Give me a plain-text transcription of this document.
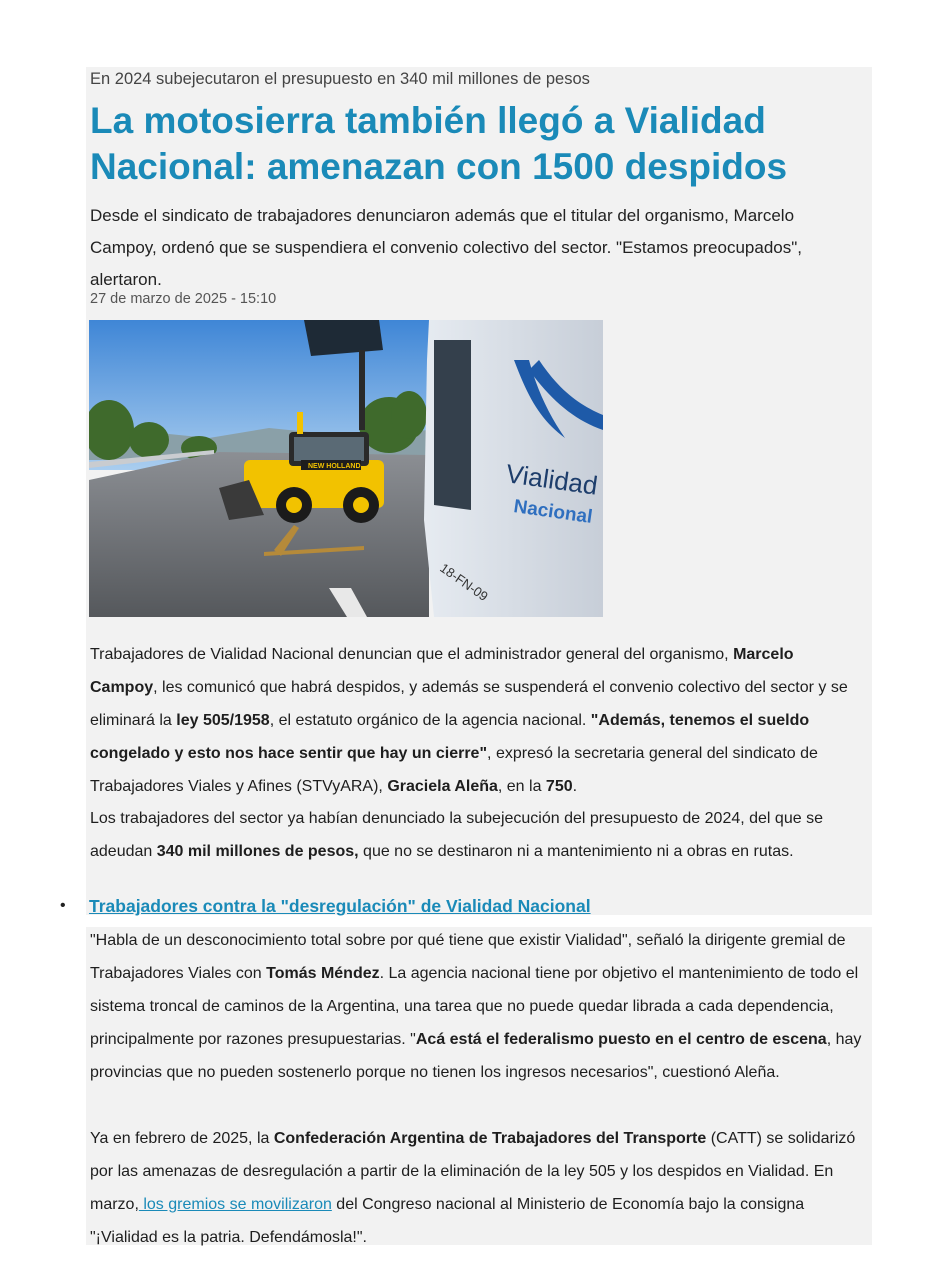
En 2024 subejecutaron el presupuesto en 340 mil millones de pesos
La motosierra también llegó a Vialidad Nacional: amenazan con 1500 despidos
Desde el sindicato de trabajadores denunciaron además que el titular del organismo, Marcelo Campoy, ordenó que se suspendiera el convenio colectivo del sector. "Estamos preocupados", alertaron.
27 de marzo de 2025 - 15:10
NEW HOLLAND	Vialidad
Nacional
18-FN-09
Trabajadores de Vialidad Nacional denuncian que el administrador general del organismo, Marcelo Campoy, les comunicó que habrá despidos, y además se suspenderá el convenio colectivo del sector y se eliminará la ley 505/1958, el estatuto orgánico de la agencia nacional. "Además, tenemos el sueldo congelado y esto nos hace sentir que hay un cierre", expresó la secretaria general del sindicato de Trabajadores Viales y Afines (STVyARA), Graciela Aleña, en la 750.
Los trabajadores del sector ya habían denunciado la subejecución del presupuesto de 2024, del que se adeudan 340 mil millones de pesos, que no se destinaron ni a mantenimiento ni a obras en rutas.
• Trabajadores contra la "desregulación" de Vialidad Nacional
"Habla de un desconocimiento total sobre por qué tiene que existir Vialidad", señaló la dirigente gremial de Trabajadores Viales con Tomás Méndez. La agencia nacional tiene por objetivo el mantenimiento de todo el sistema troncal de caminos de la Argentina, una tarea que no puede quedar librada a cada dependencia, principalmente por razones presupuestarias. "Acá está el federalismo puesto en el centro de escena, hay provincias que no pueden sostenerlo porque no tienen los ingresos necesarios", cuestionó Aleña.
Ya en febrero de 2025, la Confederación Argentina de Trabajadores del Transporte (CATT) se solidarizó por las amenazas de desregulación a partir de la eliminación de la ley 505 y los despidos en Vialidad. En marzo, los gremios se movilizaron del Congreso nacional al Ministerio de Economía bajo la consigna "¡Vialidad es la patria. Defendámosla!".
